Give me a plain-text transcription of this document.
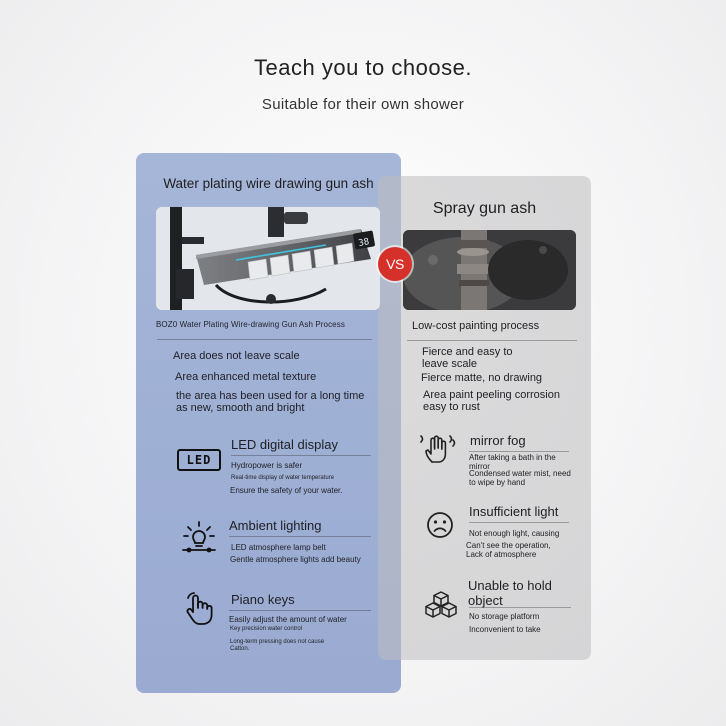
Teach you to choose.
Suitable for their own shower
Water plating wire drawing gun ash
Spray gun ash
38
VS
BOZ0 Water Plating Wire-drawing Gun Ash Process	Low-cost painting process
Area does not leave scale
Area enhanced metal texture
the area has been used for a long time as new, smooth and bright
Fierce and easy to leave scale
Fierce matte, no drawing
Area paint peeling corrosion easy to rust
LED
LED digital display
Hydropower is safer
Real-time display of water temperature
Ensure the safety of your water.
Ambient lighting
LED atmosphere lamp belt
Gentle atmosphere lights add beauty
Piano keys
Easily adjust the amount of water
Key precision water control
Long-term pressing does not cause Catton.
mirror fog
After taking a bath in the mirror
Condensed water mist, need to wipe by hand
Insufficient light
Not enough light, causing
Can't see the operation, Lack of atmosphere
Unable to hold object
No storage platform
Inconvenient to take
